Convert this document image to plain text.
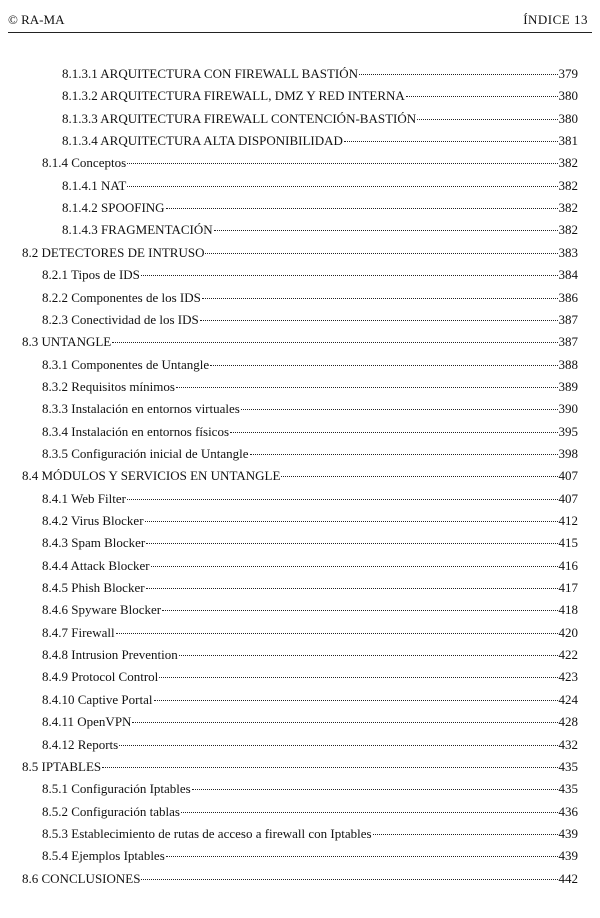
© RA-MA	ÍNDICE 13
8.1.3.1 ARQUITECTURA CON FIREWALL BASTIÓN	379
8.1.3.2 ARQUITECTURA FIREWALL, DMZ Y RED INTERNA	380
8.1.3.3 ARQUITECTURA FIREWALL CONTENCIÓN-BASTIÓN	380
8.1.3.4 ARQUITECTURA ALTA DISPONIBILIDAD	381
8.1.4 Conceptos	382
8.1.4.1 NAT	382
8.1.4.2 SPOOFING	382
8.1.4.3 FRAGMENTACIÓN	382
8.2 DETECTORES DE INTRUSO	383
8.2.1 Tipos de IDS	384
8.2.2 Componentes de los IDS	386
8.2.3 Conectividad de los IDS	387
8.3 UNTANGLE	387
8.3.1 Componentes de Untangle	388
8.3.2 Requisitos mínimos	389
8.3.3 Instalación en entornos virtuales	390
8.3.4 Instalación en entornos físicos	395
8.3.5 Configuración inicial de Untangle	398
8.4 MÓDULOS Y SERVICIOS EN UNTANGLE	407
8.4.1 Web Filter	407
8.4.2 Virus Blocker	412
8.4.3 Spam Blocker	415
8.4.4 Attack Blocker	416
8.4.5 Phish Blocker	417
8.4.6 Spyware Blocker	418
8.4.7 Firewall	420
8.4.8 Intrusion Prevention	422
8.4.9 Protocol Control	423
8.4.10 Captive Portal	424
8.4.11 OpenVPN	428
8.4.12 Reports	432
8.5 IPTABLES	435
8.5.1 Configuración Iptables	435
8.5.2 Configuración tablas	436
8.5.3 Establecimiento de rutas de acceso a firewall con Iptables	439
8.5.4 Ejemplos Iptables	439
8.6 CONCLUSIONES	442
